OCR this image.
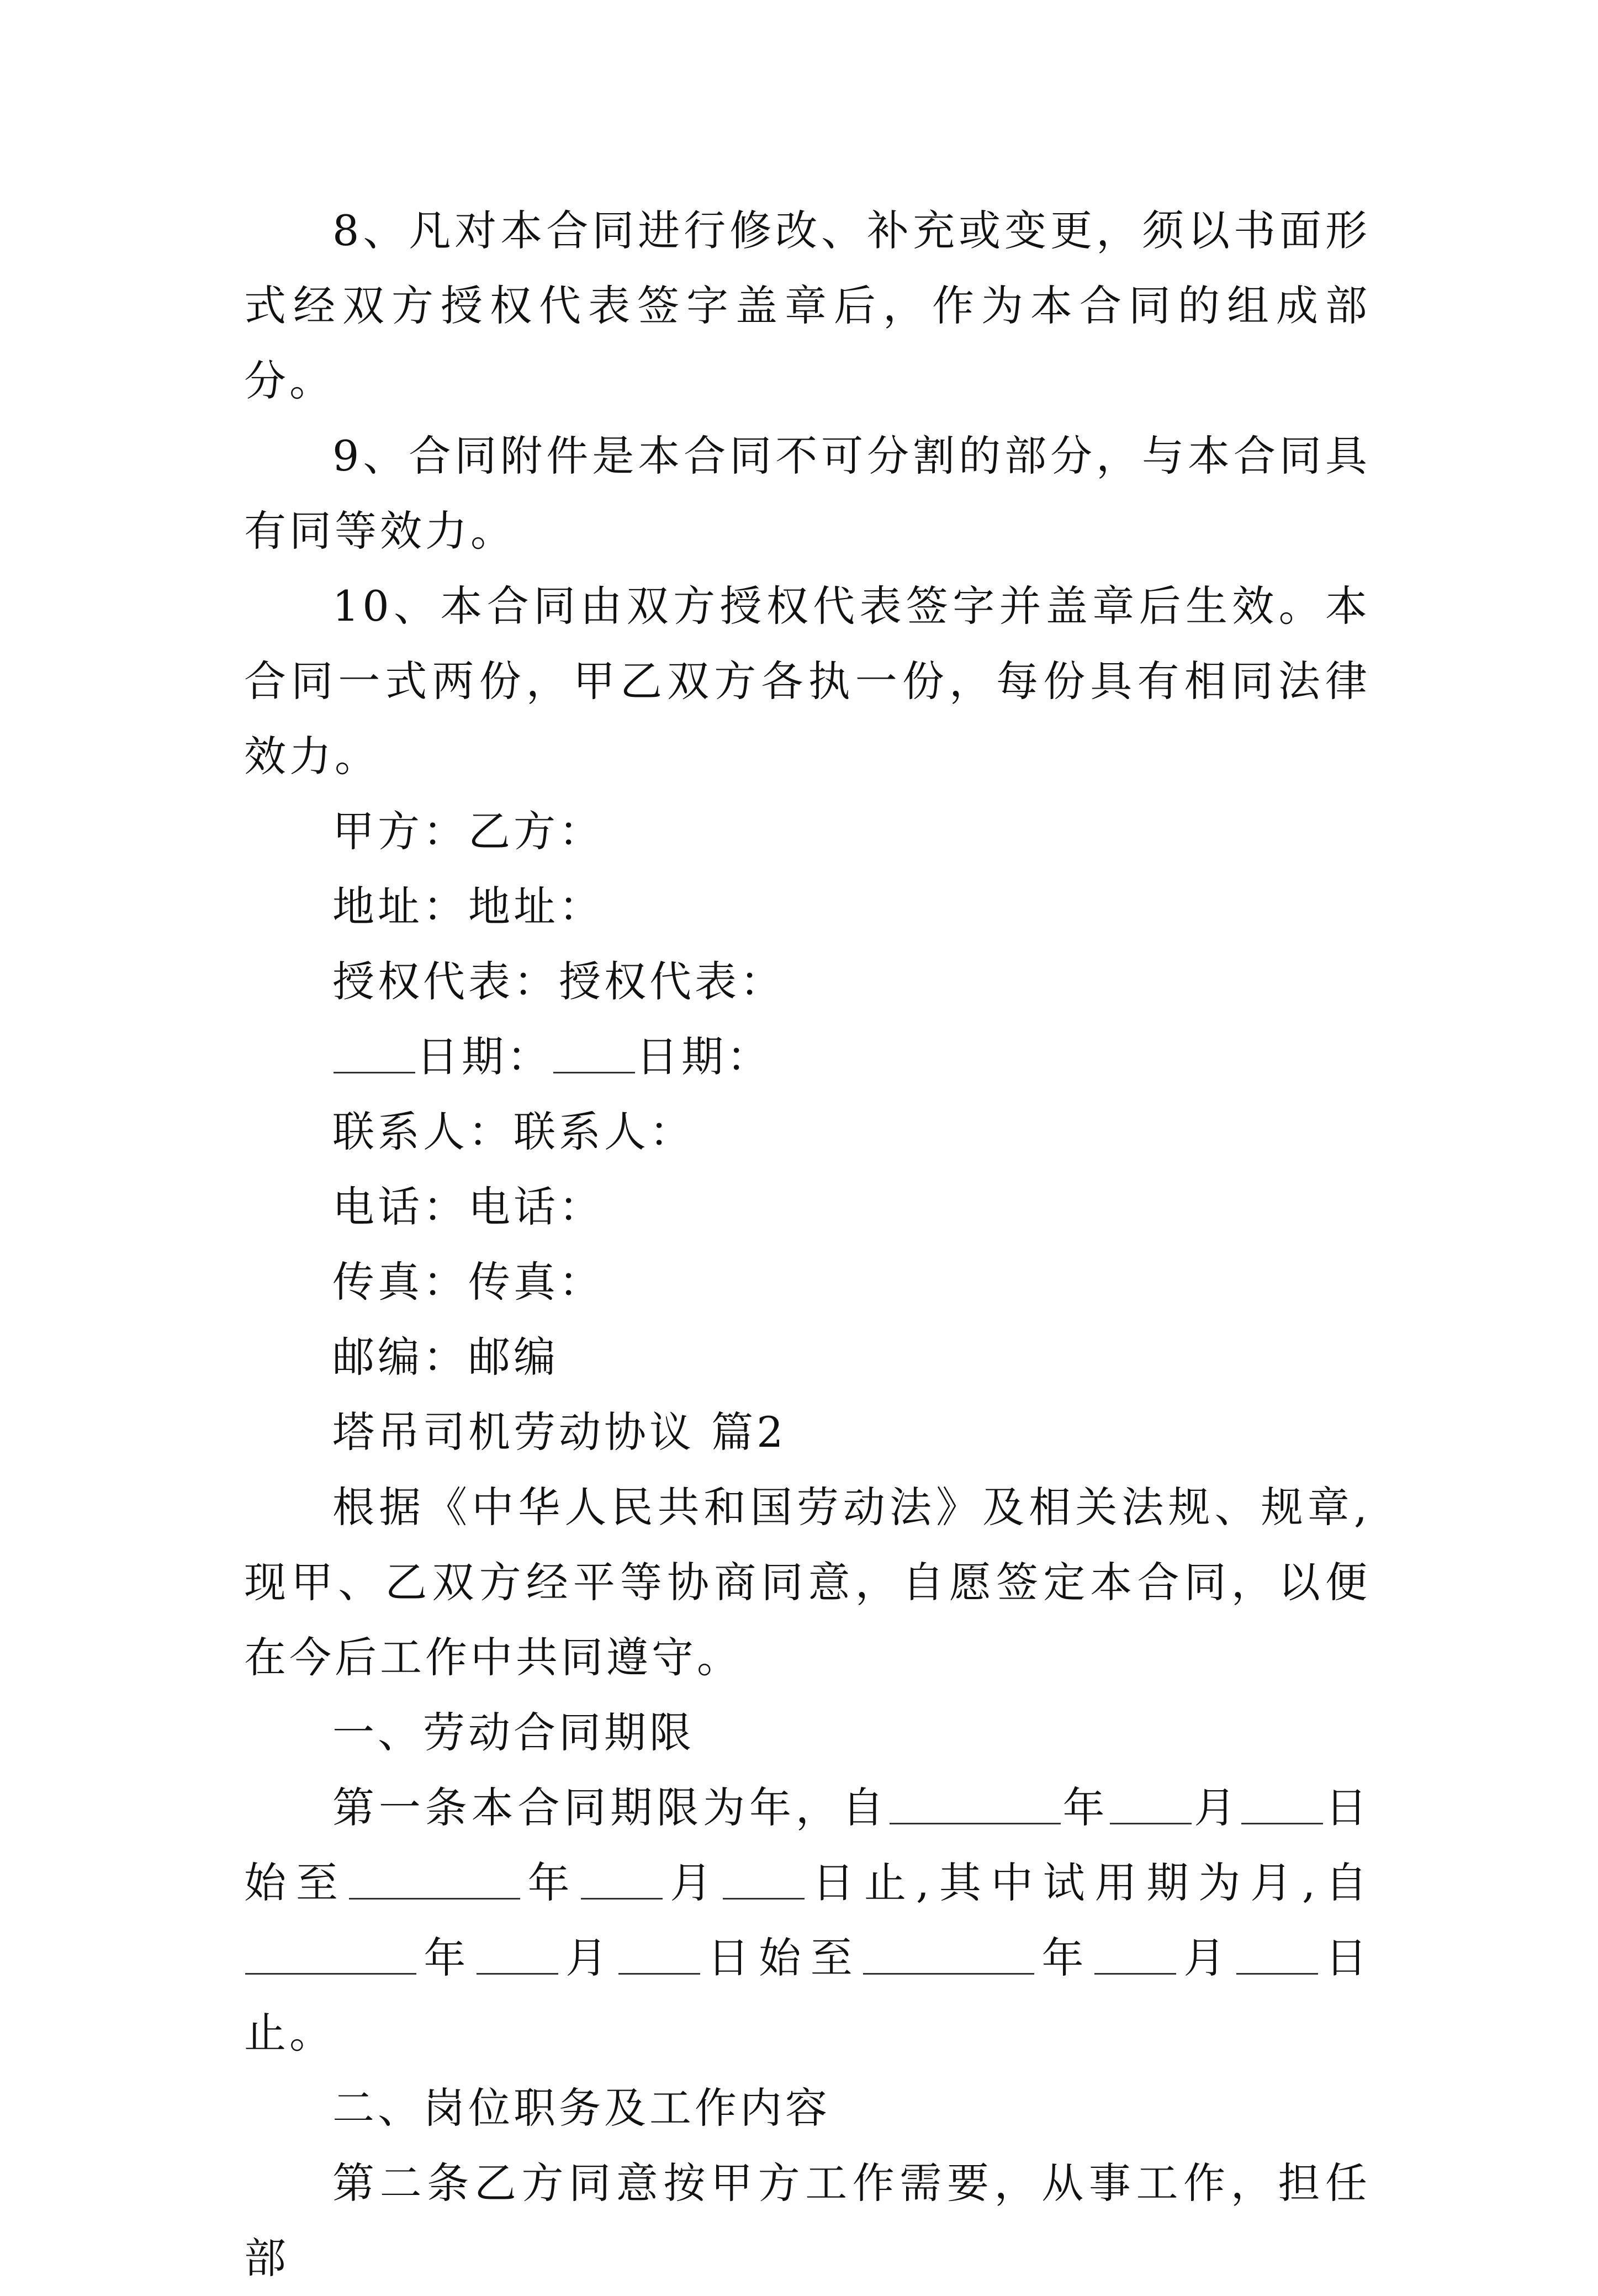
8、凡对本合同进行修改、补充或变更，须以书面形式经双方授权代表签字盖章后，作为本合同的组成部分。

9、合同附件是本合同不可分割的部分，与本合同具有同等效力。

10、本合同由双方授权代表签字并盖章后生效。本合同一式两份，甲乙双方各执一份，每份具有相同法律效力。

甲方：乙方：

地址：地址：

授权代表：授权代表：

日期： 日期：

联系人：联系人：

电话：电话：

传真：传真：

邮编：邮编

塔吊司机劳动协议 篇2

根据《中华人民共和国劳动法》及相关法规、规章,现甲、乙双方经平等协商同意，自愿签定本合同，以便在今后工作中共同遵守。

一、劳动合同期限

第一条本合同期限为年，自	年 月 日始至	年 月 日止,其中试用期为月,自年 月 日始至	年 月 日止。

二、岗位职务及工作内容

第二条乙方同意按甲方工作需要，从事工作，担任部
